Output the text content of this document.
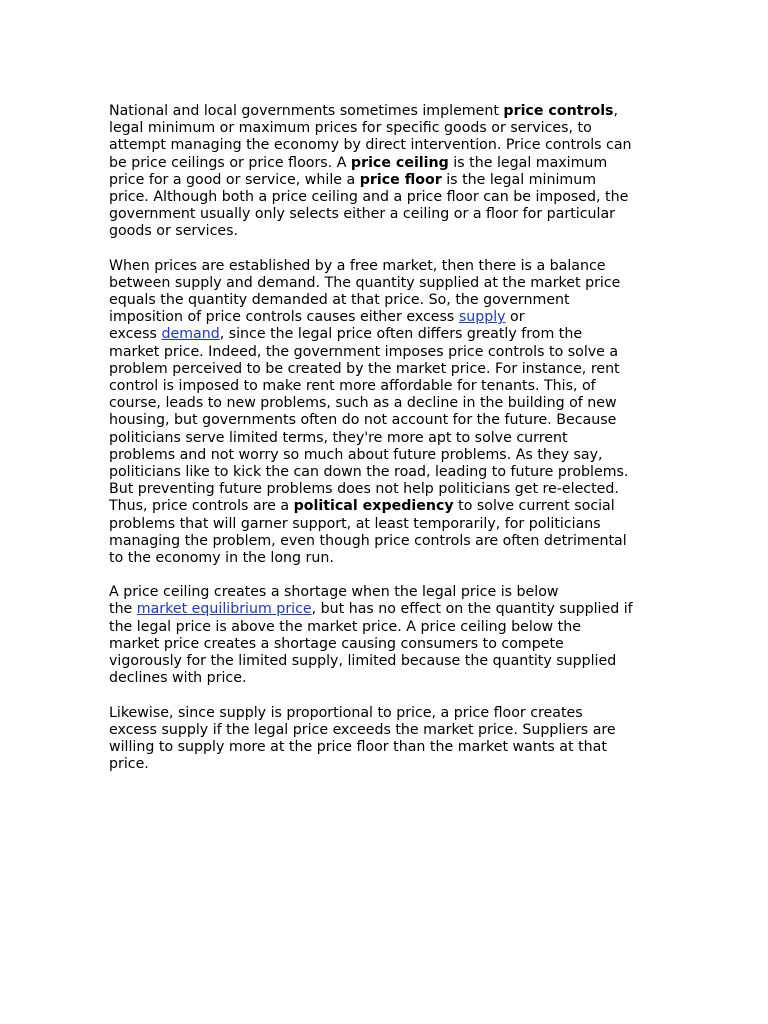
National and local governments sometimes implement price controls,
legal minimum or maximum prices for specific goods or services, to
attempt managing the economy by direct intervention. Price controls can
be price ceilings or price floors. A price ceiling is the legal maximum
price for a good or service, while a price floor is the legal minimum
price. Although both a price ceiling and a price floor can be imposed, the
government usually only selects either a ceiling or a floor for particular
goods or services.
When prices are established by a free market, then there is a balance
between supply and demand. The quantity supplied at the market price
equals the quantity demanded at that price. So, the government
imposition of price controls causes either excess supply or
excess demand, since the legal price often differs greatly from the
market price. Indeed, the government imposes price controls to solve a
problem perceived to be created by the market price. For instance, rent
control is imposed to make rent more affordable for tenants. This, of
course, leads to new problems, such as a decline in the building of new
housing, but governments often do not account for the future. Because
politicians serve limited terms, they're more apt to solve current
problems and not worry so much about future problems. As they say,
politicians like to kick the can down the road, leading to future problems.
But preventing future problems does not help politicians get re-elected.
Thus, price controls are a political expediency to solve current social
problems that will garner support, at least temporarily, for politicians
managing the problem, even though price controls are often detrimental
to the economy in the long run.
A price ceiling creates a shortage when the legal price is below
the market equilibrium price, but has no effect on the quantity supplied if
the legal price is above the market price. A price ceiling below the
market price creates a shortage causing consumers to compete
vigorously for the limited supply, limited because the quantity supplied
declines with price.
Likewise, since supply is proportional to price, a price floor creates
excess supply if the legal price exceeds the market price. Suppliers are
willing to supply more at the price floor than the market wants at that
price.
